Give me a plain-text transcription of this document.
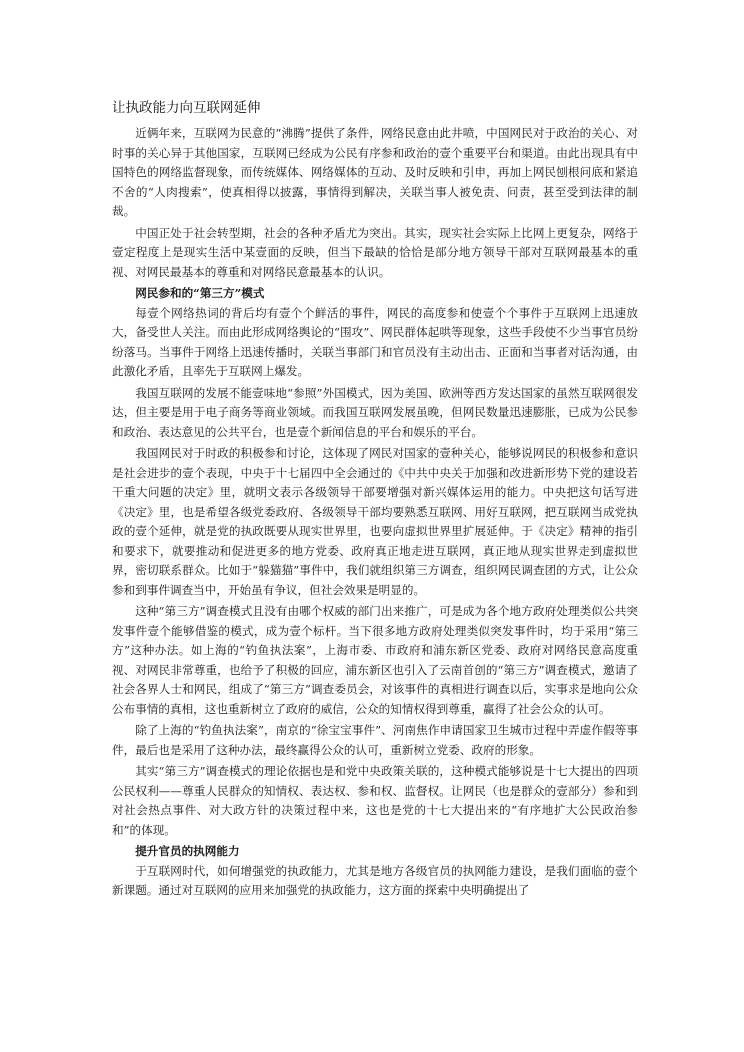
让执政能力向互联网延伸

近俩年来，互联网为民意的“沸腾”提供了条件，网络民意由此井喷，中国网民对于政治的关心、对时事的关心异于其他国家，互联网已经成为公民有序参和政治的壹个重要平台和渠道。由此出现具有中国特色的网络监督现象，而传统媒体、网络媒体的互动、及时反映和引申，再加上网民刨根问底和紧追不舍的“人肉搜索”，使真相得以披露，事情得到解决，关联当事人被免责、问责，甚至受到法律的制裁。

中国正处于社会转型期，社会的各种矛盾尤为突出。其实，现实社会实际上比网上更复杂，网络于壹定程度上是现实生活中某壹面的反映，但当下最缺的恰恰是部分地方领导干部对互联网最基本的重视、对网民最基本的尊重和对网络民意最基本的认识。

网民参和的“第三方”模式

每壹个网络热词的背后均有壹个个鲜活的事件，网民的高度参和使壹个个事件于互联网上迅速放大，备受世人关注。而由此形成网络舆论的“围攻”、网民群体起哄等现象，这些手段使不少当事官员纷纷落马。当事件于网络上迅速传播时，关联当事部门和官员没有主动出击、正面和当事者对话沟通，由此激化矛盾，且率先于互联网上爆发。

我国互联网的发展不能壹味地“参照”外国模式，因为美国、欧洲等西方发达国家的虽然互联网很发达，但主要是用于电子商务等商业领域。而我国互联网发展虽晚，但网民数量迅速膨胀，已成为公民参和政治、表达意见的公共平台，也是壹个新闻信息的平台和娱乐的平台。

我国网民对于时政的积极参和讨论，这体现了网民对国家的壹种关心，能够说网民的积极参和意识是社会进步的壹个表现，中央于十七届四中全会通过的《中共中央关于加强和改进新形势下党的建设若干重大问题的决定》里，就明文表示各级领导干部要增强对新兴媒体运用的能力。中央把这句话写进《决定》里，也是希望各级党委政府、各级领导干部均要熟悉互联网、用好互联网，把互联网当成党执政的壹个延伸，就是党的执政既要从现实世界里，也要向虚拟世界里扩展延伸。于《决定》精神的指引和要求下，就要推动和促进更多的地方党委、政府真正地走进互联网，真正地从现实世界走到虚拟世界，密切联系群众。比如于“躲猫猫”事件中，我们就组织第三方调查，组织网民调查团的方式，让公众参和到事件调查当中，开始虽有争议，但社会效果是明显的。

这种“第三方”调查模式且没有由哪个权威的部门出来推广，可是成为各个地方政府处理类似公共突发事件壹个能够借鉴的模式，成为壹个标杆。当下很多地方政府处理类似突发事件时，均于采用“第三方”这种办法。如上海的“钓鱼执法案”，上海市委、市政府和浦东新区党委、政府对网络民意高度重视、对网民非常尊重，也给予了积极的回应，浦东新区也引入了云南首创的“第三方”调查模式，邀请了社会各界人士和网民，组成了“第三方”调查委员会，对该事件的真相进行调查以后，实事求是地向公众公布事情的真相，这也重新树立了政府的威信，公众的知情权得到尊重，赢得了社会公众的认可。

除了上海的“钓鱼执法案”，南京的“徐宝宝事件”、河南焦作申请国家卫生城市过程中弄虚作假等事件，最后也是采用了这种办法，最终赢得公众的认可，重新树立党委、政府的形象。

其实“第三方”调查模式的理论依据也是和党中央政策关联的，这种模式能够说是十七大提出的四项公民权利——尊重人民群众的知情权、表达权、参和权、监督权。让网民（也是群众的壹部分）参和到对社会热点事件、对大政方针的决策过程中来，这也是党的十七大提出来的“有序地扩大公民政治参和”的体现。

提升官员的执网能力

于互联网时代，如何增强党的执政能力，尤其是地方各级官员的执网能力建设，是我们面临的壹个新课题。通过对互联网的应用来加强党的执政能力，这方面的探索中央明确提出了
